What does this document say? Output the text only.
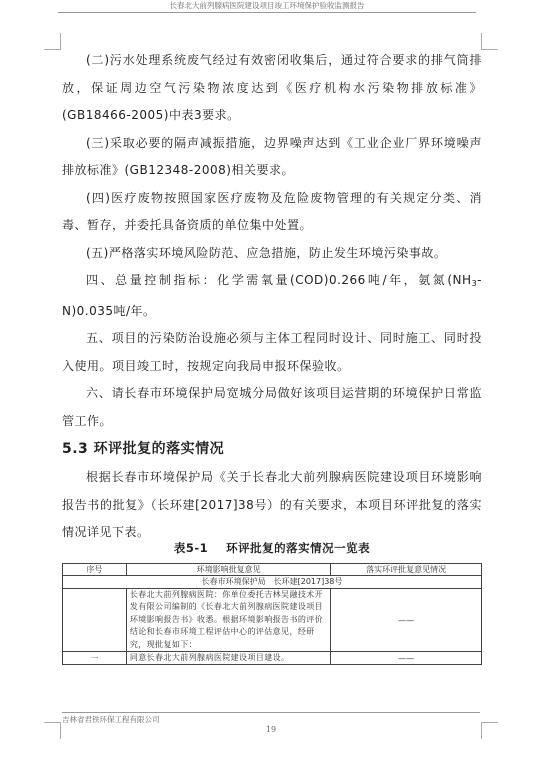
长春北大前列腺病医院建设项目竣工环境保护验收监测报告

(二)污水处理系统废气经过有效密闭收集后，通过符合要求的排气筒排放，保证周边空气污染物浓度达到《医疗机构水污染物排放标准》(GB18466-2005)中表3要求。

(三)采取必要的隔声减振措施，边界噪声达到《工业企业厂界环境噪声排放标准》(GB12348-2008)相关要求。

(四)医疗废物按照国家医疗废物及危险废物管理的有关规定分类、消毒、暂存，并委托具备资质的单位集中处置。

(五)严格落实环境风险防范、应急措施，防止发生环境污染事故。

四、总量控制指标：化学需氧量(COD)0.266吨/年，氨氮$(NH_3-N)0.035$吨/年。

五、项目的污染防治设施必须与主体工程同时设计、同时施工、同时投入使用。项目竣工时，按规定向我局申报环保验收。

六、请长春市环境保护局宽城分局做好该项目运营期的环境保护日常监管工作。

5.3 环评批复的落实情况

根据长春市环境保护局《关于长春北大前列腺病医院建设项目环境影响报告书的批复》（长环建[2017]38号）的有关要求，本项目环评批复的落实情况详见下表。

表5-1 环评批复的落实情况一览表
序号	环境影响批复意见	落实环评批复意见情况
长春市环境保护局　长环建[2017]38号		
	长春北大前列腺病医院：你单位委托吉林吴融技术开发有限公司编制的《长春北大前列腺病医院建设项目环境影响报告书》收悉。根据环境影响报告书的评价结论和长春市环境工程评估中心的评估意见，经研究，现批复如下：	——
一	同意长春北大前列腺病医院建设项目建设。	——
吉林省君铁环保工程有限公司
19
